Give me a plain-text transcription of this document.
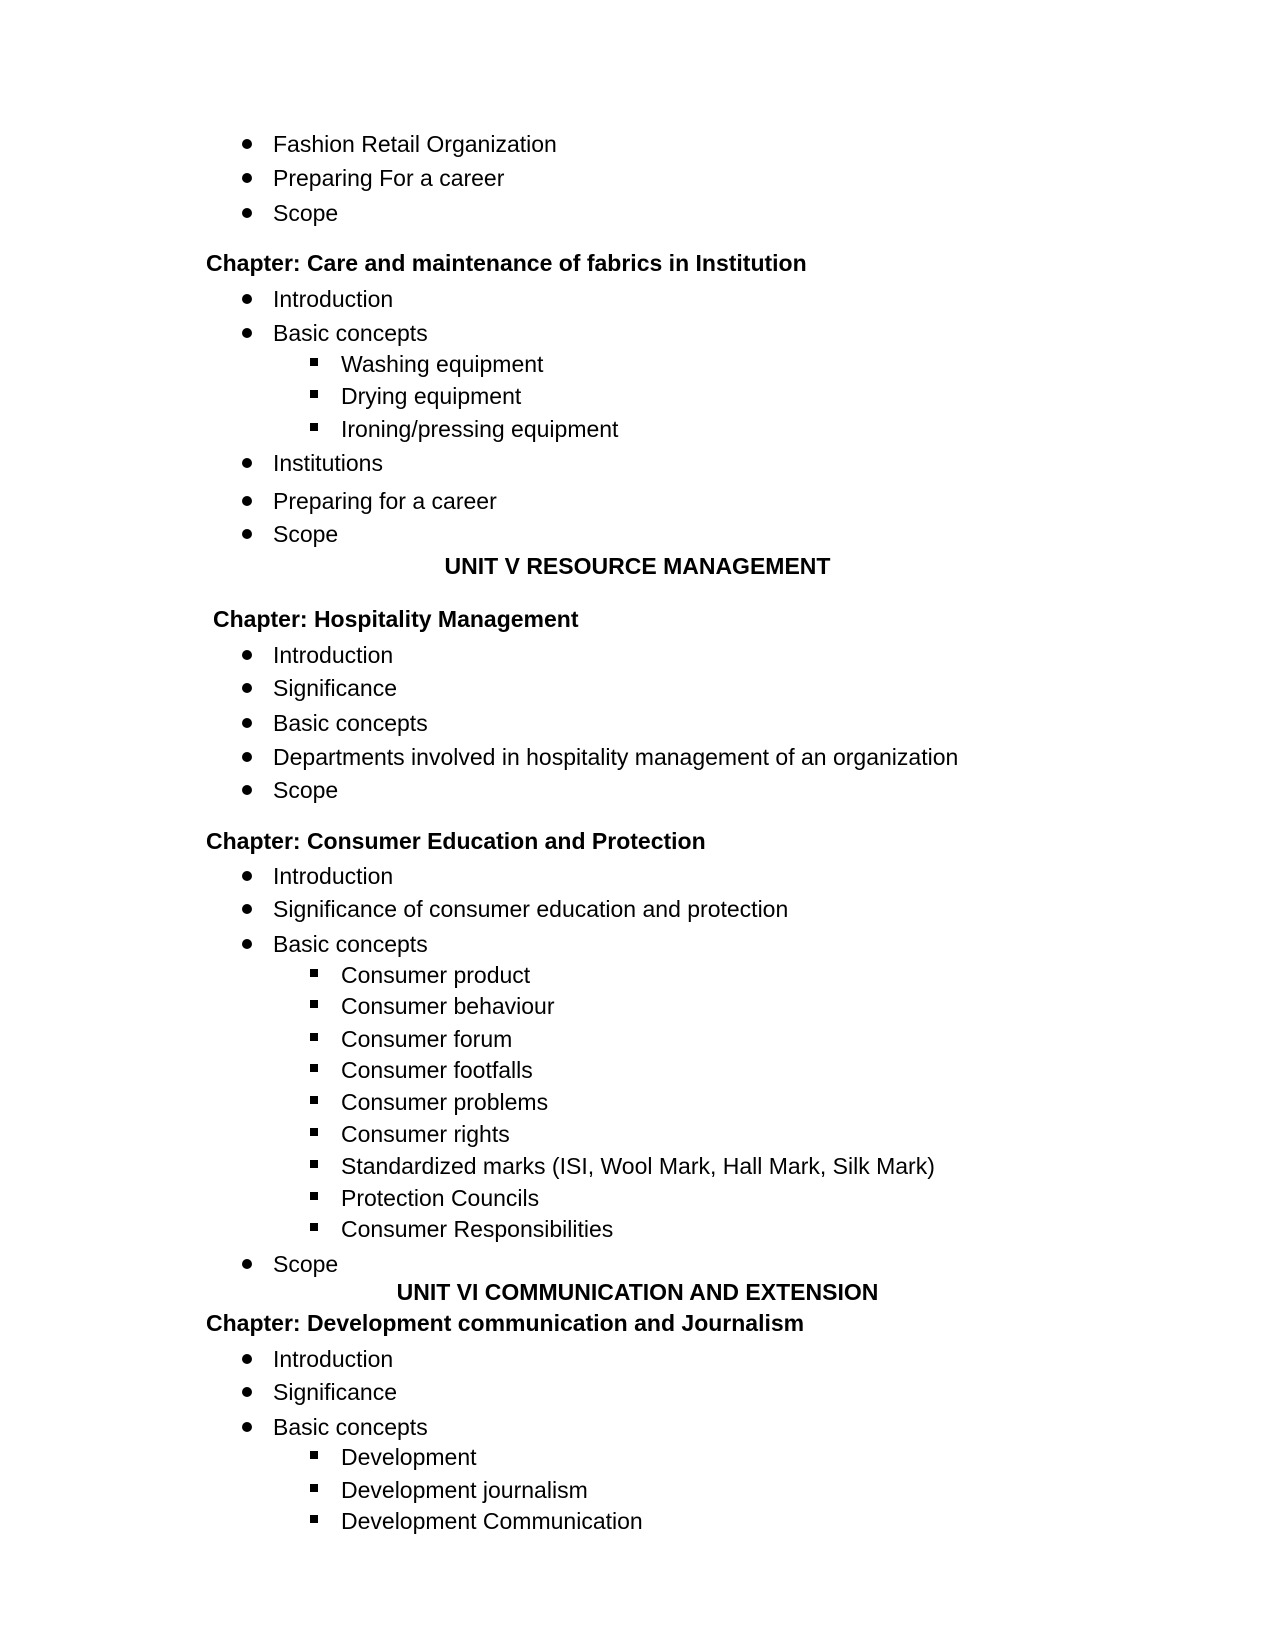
Fashion Retail Organization
Preparing For a career
Scope
Chapter: Care and maintenance of fabrics in Institution
Introduction
Basic concepts
Washing equipment
Drying equipment
Ironing/pressing equipment
Institutions
Preparing for a career
Scope
UNIT V RESOURCE MANAGEMENT
Chapter: Hospitality Management
Introduction
Significance
Basic concepts
Departments involved in hospitality management of an organization
Scope
Chapter: Consumer Education and Protection
Introduction
Significance of consumer education and protection
Basic concepts
Consumer product
Consumer behaviour
Consumer forum
Consumer footfalls
Consumer problems
Consumer rights
Standardized marks (ISI, Wool Mark, Hall Mark, Silk Mark)
Protection Councils
Consumer Responsibilities
Scope
UNIT VI COMMUNICATION AND EXTENSION
Chapter: Development communication and Journalism
Introduction
Significance
Basic concepts
Development
Development journalism
Development Communication
